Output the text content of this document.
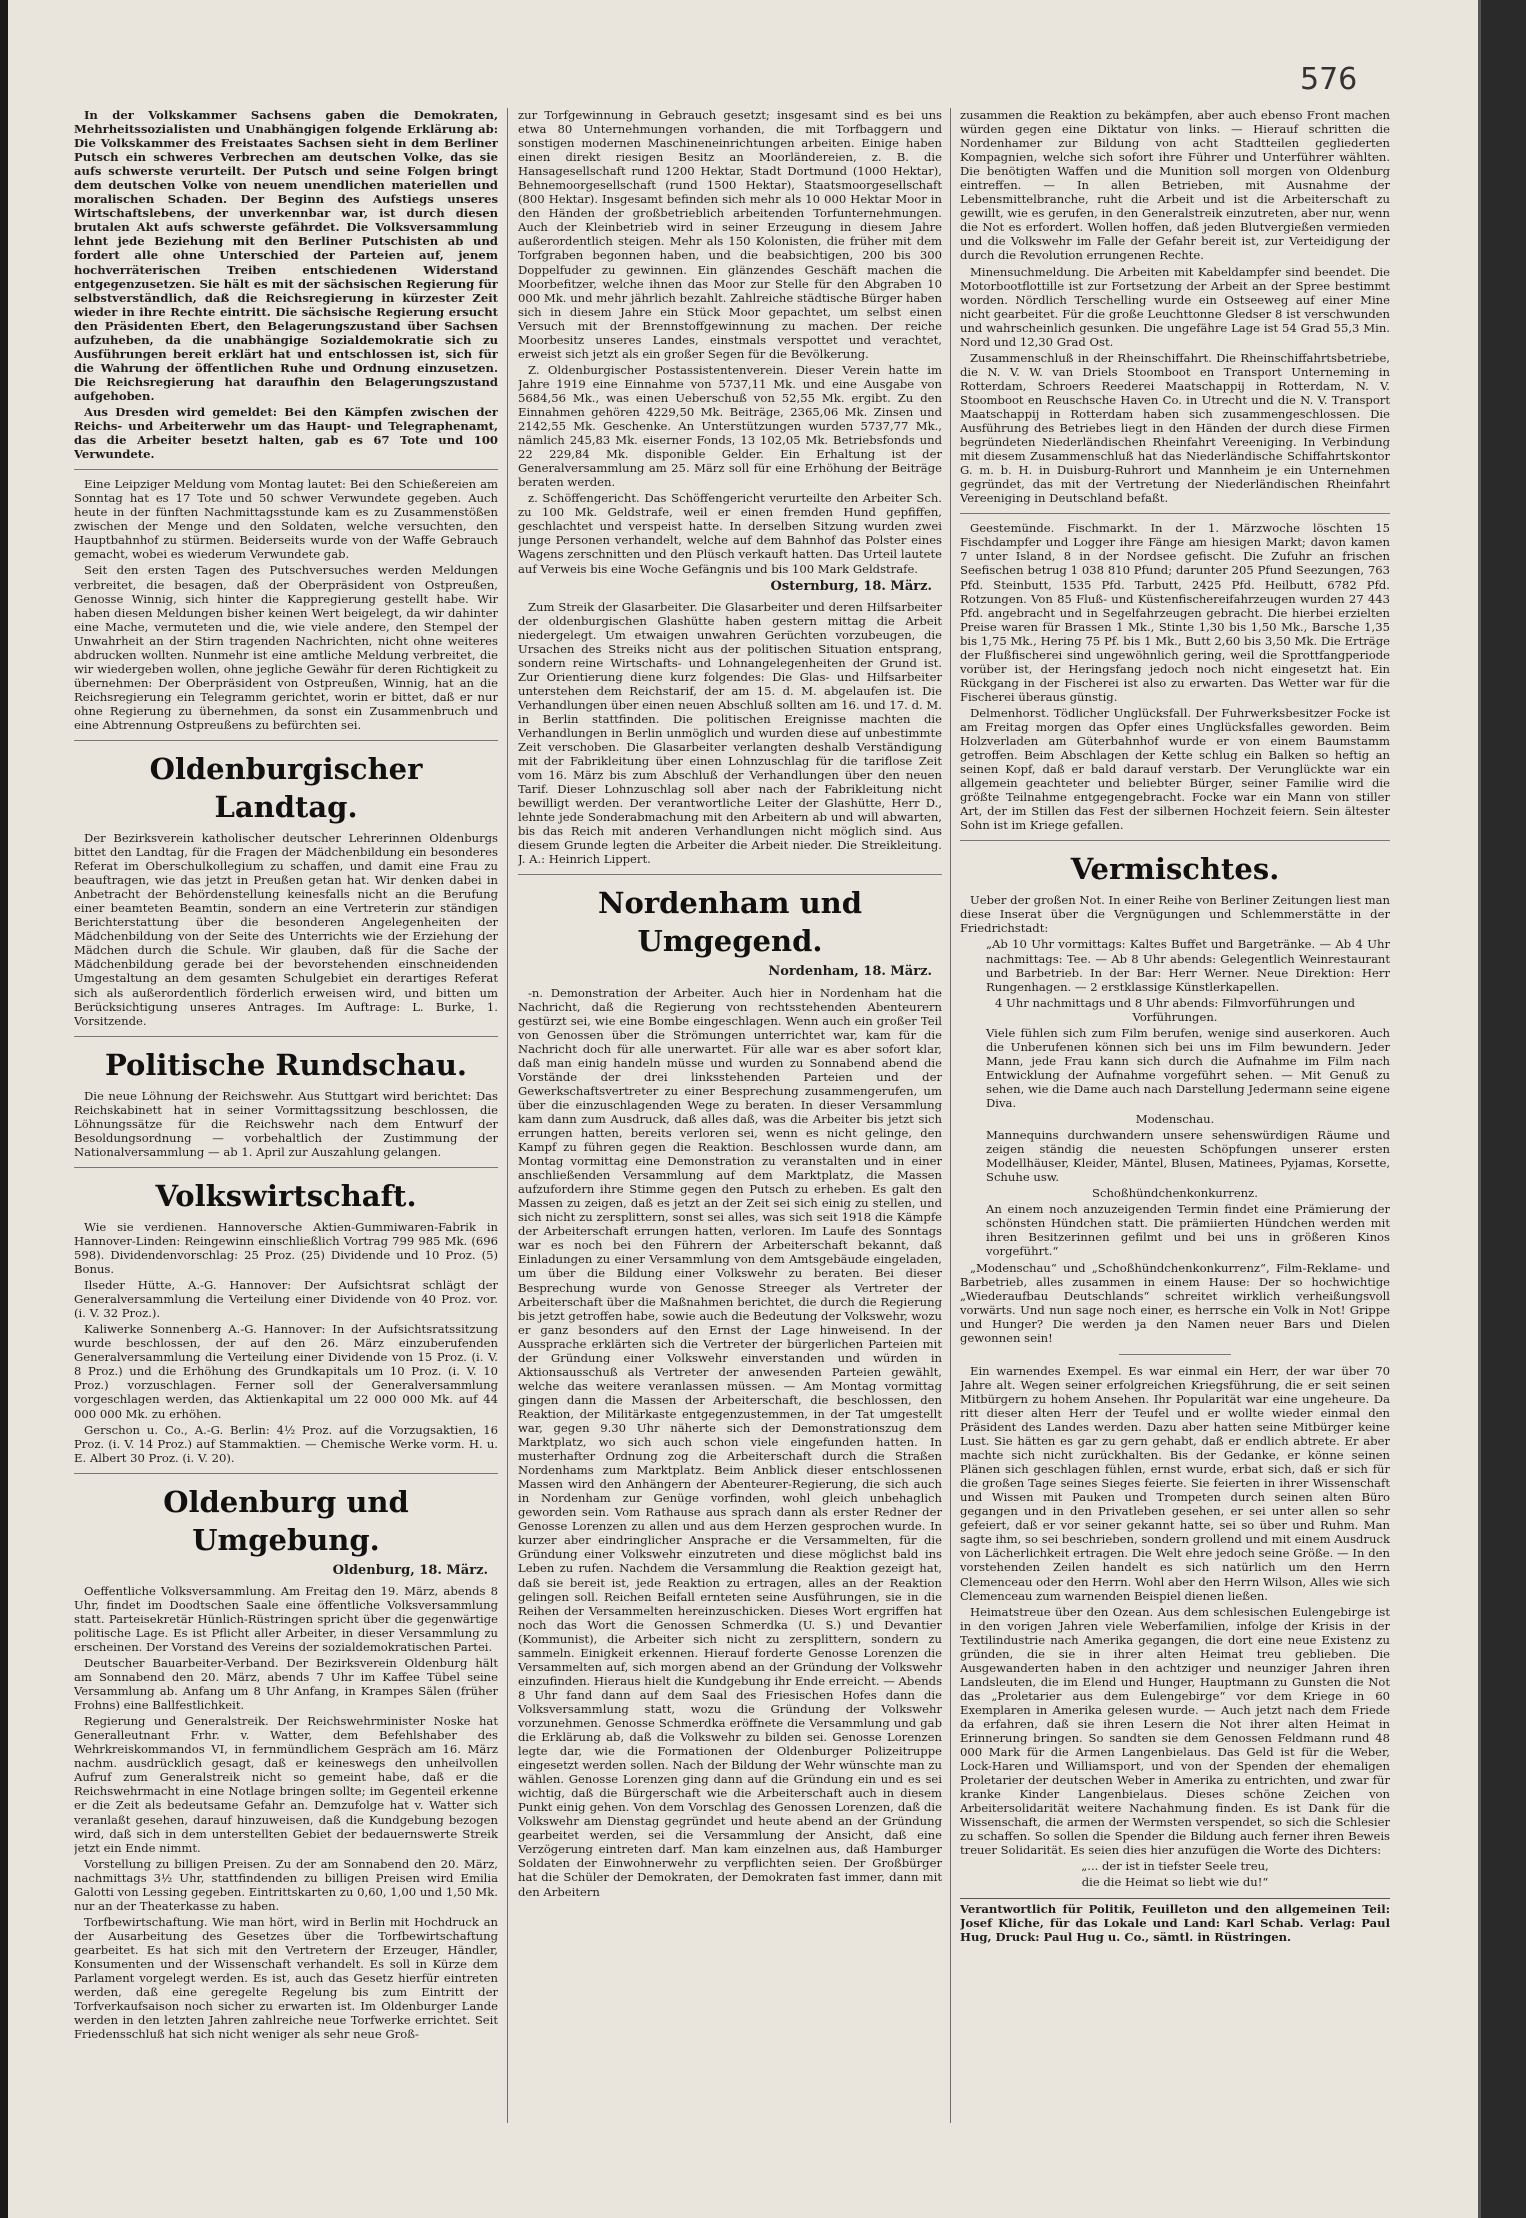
576

In der Volkskammer Sachsens gaben die Demokraten, Mehrheitssozialisten und Unabhängigen folgende Erklärung ab: Die Volkskammer des Freistaates Sachsen sieht in dem Berliner Putsch ein schweres Verbrechen am deutschen Volke, das sie aufs schwerste verurteilt. Der Putsch und seine Folgen bringt dem deutschen Volke von neuem unendlichen materiellen und moralischen Schaden. Der Beginn des Aufstiegs unseres Wirtschaftslebens, der unverkennbar war, ist durch diesen brutalen Akt aufs schwerste gefährdet. Die Volksversammlung lehnt jede Beziehung mit den Berliner Putschisten ab und fordert alle ohne Unterschied der Parteien auf, jenem hochverräterischen Treiben entschiedenen Widerstand entgegenzusetzen. Sie hält es mit der sächsischen Regierung für selbstverständlich, daß die Reichsregierung in kürzester Zeit wieder in ihre Rechte eintritt. Die sächsische Regierung ersucht den Präsidenten Ebert, den Belagerungszustand über Sachsen aufzuheben, da die unabhängige Sozialdemokratie sich zu Ausführungen bereit erklärt hat und entschlossen ist, sich für die Wahrung der öffentlichen Ruhe und Ordnung einzusetzen. Die Reichsregierung hat daraufhin den Belagerungszustand aufgehoben.

Aus Dresden wird gemeldet: Bei den Kämpfen zwischen der Reichs- und Arbeiterwehr um das Haupt- und Telegraphenamt, das die Arbeiter besetzt halten, gab es 67 Tote und 100 Verwundete.

Eine Leipziger Meldung vom Montag lautet: Bei den Schießereien am Sonntag hat es 17 Tote und 50 schwer Verwundete gegeben. Auch heute in der fünften Nachmittagsstunde kam es zu Zusammenstößen zwischen der Menge und den Soldaten, welche versuchten, den Hauptbahnhof zu stürmen. Beiderseits wurde von der Waffe Gebrauch gemacht, wobei es wiederum Verwundete gab.

Seit den ersten Tagen des Putschversuches werden Meldungen verbreitet, die besagen, daß der Oberpräsident von Ostpreußen, Genosse Winnig, sich hinter die Kappregierung gestellt habe. Wir haben diesen Meldungen bisher keinen Wert beigelegt, da wir dahinter eine Mache, vermuteten und die, wie viele andere, den Stempel der Unwahrheit an der Stirn tragenden Nachrichten, nicht ohne weiteres abdrucken wollten. Nunmehr ist eine amtliche Meldung verbreitet, die wir wiedergeben wollen, ohne jegliche Gewähr für deren Richtigkeit zu übernehmen: Der Oberpräsident von Ostpreußen, Winnig, hat an die Reichsregierung ein Telegramm gerichtet, worin er bittet, daß er nur ohne Regierung zu übernehmen, da sonst ein Zusammenbruch und eine Abtrennung Ostpreußens zu befürchten sei.

Oldenburgischer Landtag.

Der Bezirksverein katholischer deutscher Lehrerinnen Oldenburgs bittet den Landtag, für die Fragen der Mädchenbildung ein besonderes Referat im Oberschulkollegium zu schaffen, und damit eine Frau zu beauftragen, wie das jetzt in Preußen getan hat. Wir denken dabei in Anbetracht der Behördenstellung keinesfalls nicht an die Berufung einer beamteten Beamtin, sondern an eine Vertreterin zur ständigen Berichterstattung über die besonderen Angelegenheiten der Mädchenbildung von der Seite des Unterrichts wie der Erziehung der Mädchen durch die Schule. Wir glauben, daß für die Sache der Mädchenbildung gerade bei der bevorstehenden einschneidenden Umgestaltung an dem gesamten Schulgebiet ein derartiges Referat sich als außerordentlich förderlich erweisen wird, und bitten um Berücksichtigung unseres Antrages. Im Auftrage: L. Burke, 1. Vorsitzende.

Politische Rundschau.

Die neue Löhnung der Reichswehr. Aus Stuttgart wird berichtet: Das Reichskabinett hat in seiner Vormittagssitzung beschlossen, die Löhnungssätze für die Reichswehr nach dem Entwurf der Besoldungsordnung — vorbehaltlich der Zustimmung der Nationalversammlung — ab 1. April zur Auszahlung gelangen.

Volkswirtschaft.

Wie sie verdienen. Hannoversche Aktien-Gummiwaren-Fabrik in Hannover-Linden: Reingewinn einschließlich Vortrag 799 985 Mk. (696 598). Dividendenvorschlag: 25 Proz. (25) Dividende und 10 Proz. (5) Bonus.

Ilseder Hütte, A.-G. Hannover: Der Aufsichtsrat schlägt der Generalversammlung die Verteilung einer Dividende von 40 Proz. vor. (i. V. 32 Proz.).

Kaliwerke Sonnenberg A.-G. Hannover: In der Aufsichtsratssitzung wurde beschlossen, der auf den 26. März einzuberufenden Generalversammlung die Verteilung einer Dividende von 15 Proz. (i. V. 8 Proz.) und die Erhöhung des Grundkapitals um 10 Proz. (i. V. 10 Proz.) vorzuschlagen. Ferner soll der Generalversammlung vorgeschlagen werden, das Aktienkapital um 22 000 000 Mk. auf 44 000 000 Mk. zu erhöhen.

Gerschon u. Co., A.-G. Berlin: 4½ Proz. auf die Vorzugsaktien, 16 Proz. (i. V. 14 Proz.) auf Stammaktien. — Chemische Werke vorm. H. u. E. Albert 30 Proz. (i. V. 20).

Oldenburg und Umgebung.
Oldenburg, 18. März.

Oeffentliche Volksversammlung. Am Freitag den 19. März, abends 8 Uhr, findet im Doodtschen Saale eine öffentliche Volksversammlung statt. Parteisekretär Hünlich-Rüstringen spricht über die gegenwärtige politische Lage. Es ist Pflicht aller Arbeiter, in dieser Versammlung zu erscheinen. Der Vorstand des Vereins der sozialdemokratischen Partei.

Deutscher Bauarbeiter-Verband. Der Bezirksverein Oldenburg hält am Sonnabend den 20. März, abends 7 Uhr im Kaffee Tübel seine Versammlung ab. Anfang um 8 Uhr Anfang, in Krampes Sälen (früher Frohns) eine Ballfestlichkeit.

Regierung und Generalstreik. Der Reichswehrminister Noske hat Generalleutnant Frhr. v. Watter, dem Befehlshaber des Wehrkreiskommandos VI, in fernmündlichem Gespräch am 16. März nachm. ausdrücklich gesagt, daß er keineswegs den unheilvollen Aufruf zum Generalstreik nicht so gemeint habe, daß er die Reichswehrmacht in eine Notlage bringen sollte; im Gegenteil erkenne er die Zeit als bedeutsame Gefahr an. Demzufolge hat v. Watter sich veranlaßt gesehen, darauf hinzuweisen, daß die Kundgebung bezogen wird, daß sich in dem unterstellten Gebiet der bedauernswerte Streik jetzt ein Ende nimmt.

Vorstellung zu billigen Preisen. Zu der am Sonnabend den 20. März, nachmittags 3½ Uhr, stattfindenden zu billigen Preisen wird Emilia Galotti von Lessing gegeben. Eintrittskarten zu 0,60, 1,00 und 1,50 Mk. nur an der Theaterkasse zu haben.

Torfbewirtschaftung. Wie man hört, wird in Berlin mit Hochdruck an der Ausarbeitung des Gesetzes über die Torfbewirtschaftung gearbeitet. Es hat sich mit den Vertretern der Erzeuger, Händler, Konsumenten und der Wissenschaft verhandelt. Es soll in Kürze dem Parlament vorgelegt werden. Es ist, auch das Gesetz hierfür eintreten werden, daß eine geregelte Regelung bis zum Eintritt der Torfverkaufsaison noch sicher zu erwarten ist. Im Oldenburger Lande werden in den letzten Jahren zahlreiche neue Torfwerke errichtet. Seit Friedensschluß hat sich nicht weniger als sehr neue Groß-

zur Torfgewinnung in Gebrauch gesetzt; insgesamt sind es bei uns etwa 80 Unternehmungen vorhanden, die mit Torfbaggern und sonstigen modernen Maschineneinrichtungen arbeiten. Einige haben einen direkt riesigen Besitz an Moorländereien, z. B. die Hansagesellschaft rund 1200 Hektar, Stadt Dortmund (1000 Hektar), Behnemoorgesellschaft (rund 1500 Hektar), Staatsmoorgesellschaft (800 Hektar). Insgesamt befinden sich mehr als 10 000 Hektar Moor in den Händen der großbetrieblich arbeitenden Torfunternehmungen. Auch der Kleinbetrieb wird in seiner Erzeugung in diesem Jahre außerordentlich steigen. Mehr als 150 Kolonisten, die früher mit dem Torfgraben begonnen haben, und die beabsichtigen, 200 bis 300 Doppelfuder zu gewinnen. Ein glänzendes Geschäft machen die Moorbefitzer, welche ihnen das Moor zur Stelle für den Abgraben 10 000 Mk. und mehr jährlich bezahlt. Zahlreiche städtische Bürger haben sich in diesem Jahre ein Stück Moor gepachtet, um selbst einen Versuch mit der Brennstoffgewinnung zu machen. Der reiche Moorbesitz unseres Landes, einstmals verspottet und verachtet, erweist sich jetzt als ein großer Segen für die Bevölkerung.

Z. Oldenburgischer Postassistentenverein. Dieser Verein hatte im Jahre 1919 eine Einnahme von 5737,11 Mk. und eine Ausgabe von 5684,56 Mk., was einen Ueberschuß von 52,55 Mk. ergibt. Zu den Einnahmen gehören 4229,50 Mk. Beiträge, 2365,06 Mk. Zinsen und 2142,55 Mk. Geschenke. An Unterstützungen wurden 5737,77 Mk., nämlich 245,83 Mk. eiserner Fonds, 13 102,05 Mk. Betriebsfonds und 22 229,84 Mk. disponible Gelder. Ein Erhaltung ist der Generalversammlung am 25. März soll für eine Erhöhung der Beiträge beraten werden.

z. Schöffengericht. Das Schöffengericht verurteilte den Arbeiter Sch. zu 100 Mk. Geldstrafe, weil er einen fremden Hund gepfiffen, geschlachtet und verspeist hatte. In derselben Sitzung wurden zwei junge Personen verhandelt, welche auf dem Bahnhof das Polster eines Wagens zerschnitten und den Plüsch verkauft hatten. Das Urteil lautete auf Verweis bis eine Woche Gefängnis und bis 100 Mark Geldstrafe.

Osternburg, 18. März.

Zum Streik der Glasarbeiter. Die Glasarbeiter und deren Hilfsarbeiter der oldenburgischen Glashütte haben gestern mittag die Arbeit niedergelegt. Um etwaigen unwahren Gerüchten vorzubeugen, die Ursachen des Streiks nicht aus der politischen Situation entsprang, sondern reine Wirtschafts- und Lohnangelegenheiten der Grund ist. Zur Orientierung diene kurz folgendes: Die Glas- und Hilfsarbeiter unterstehen dem Reichstarif, der am 15. d. M. abgelaufen ist. Die Verhandlungen über einen neuen Abschluß sollten am 16. und 17. d. M. in Berlin stattfinden. Die politischen Ereignisse machten die Verhandlungen in Berlin unmöglich und wurden diese auf unbestimmte Zeit verschoben. Die Glasarbeiter verlangten deshalb Verständigung mit der Fabrikleitung über einen Lohnzuschlag für die tariflose Zeit vom 16. März bis zum Abschluß der Verhandlungen über den neuen Tarif. Dieser Lohnzuschlag soll aber nach der Fabrikleitung nicht bewilligt werden. Der verantwortliche Leiter der Glashütte, Herr D., lehnte jede Sonderabmachung mit den Arbeitern ab und will abwarten, bis das Reich mit anderen Verhandlungen nicht möglich sind. Aus diesem Grunde legten die Arbeiter die Arbeit nieder. Die Streikleitung. J. A.: Heinrich Lippert.

Nordenham und Umgegend.
Nordenham, 18. März.

-n. Demonstration der Arbeiter. Auch hier in Nordenham hat die Nachricht, daß die Regierung von rechtsstehenden Abenteurern gestürzt sei, wie eine Bombe eingeschlagen. Wenn auch ein großer Teil von Genossen über die Strömungen unterrichtet war, kam für die Nachricht doch für alle unerwartet. Für alle war es aber sofort klar, daß man einig handeln müsse und wurden zu Sonnabend abend die Vorstände der drei linksstehenden Parteien und der Gewerkschaftsvertreter zu einer Besprechung zusammengerufen, um über die einzuschlagenden Wege zu beraten. In dieser Versammlung kam dann zum Ausdruck, daß alles daß, was die Arbeiter bis jetzt sich errungen hatten, bereits verloren sei, wenn es nicht gelinge, den Kampf zu führen gegen die Reaktion. Beschlossen wurde dann, am Montag vormittag eine Demonstration zu veranstalten und in einer anschließenden Versammlung auf dem Marktplatz, die Massen aufzufordern ihre Stimme gegen den Putsch zu erheben. Es galt den Massen zu zeigen, daß es jetzt an der Zeit sei sich einig zu stellen, und sich nicht zu zersplittern, sonst sei alles, was sich seit 1918 die Kämpfe der Arbeiterschaft errungen hatten, verloren. Im Laufe des Sonntags war es noch bei den Führern der Arbeiterschaft bekannt, daß Einladungen zu einer Versammlung von dem Amtsgebäude eingeladen, um über die Bildung einer Volkswehr zu beraten. Bei dieser Besprechung wurde von Genosse Streeger als Vertreter der Arbeiterschaft über die Maßnahmen berichtet, die durch die Regierung bis jetzt getroffen habe, sowie auch die Bedeutung der Volkswehr, wozu er ganz besonders auf den Ernst der Lage hinweisend. In der Aussprache erklärten sich die Vertreter der bürgerlichen Parteien mit der Gründung einer Volkswehr einverstanden und würden in Aktionsausschuß als Vertreter der anwesenden Parteien gewählt, welche das weitere veranlassen müssen. — Am Montag vormittag gingen dann die Massen der Arbeiterschaft, die beschlossen, den Reaktion, der Militärkaste entgegenzustemmen, in der Tat umgestellt war, gegen 9.30 Uhr näherte sich der Demonstrationszug dem Marktplatz, wo sich auch schon viele eingefunden hatten. In musterhafter Ordnung zog die Arbeiterschaft durch die Straßen Nordenhams zum Marktplatz. Beim Anblick dieser entschlossenen Massen wird den Anhängern der Abenteurer-Regierung, die sich auch in Nordenham zur Genüge vorfinden, wohl gleich unbehaglich geworden sein. Vom Rathause aus sprach dann als erster Redner der Genosse Lorenzen zu allen und aus dem Herzen gesprochen wurde. In kurzer aber eindringlicher Ansprache er die Versammelten, für die Gründung einer Volkswehr einzutreten und diese möglichst bald ins Leben zu rufen. Nachdem die Versammlung die Reaktion gezeigt hat, daß sie bereit ist, jede Reaktion zu ertragen, alles an der Reaktion gelingen soll. Reichen Beifall ernteten seine Ausführungen, sie in die Reihen der Versammelten hereinzuschicken. Dieses Wort ergriffen hat noch das Wort die Genossen Schmerdka (U. S.) und Devantier (Kommunist), die Arbeiter sich nicht zu zersplittern, sondern zu sammeln. Einigkeit erkennen. Hierauf forderte Genosse Lorenzen die Versammelten auf, sich morgen abend an der Gründung der Volkswehr einzufinden. Hieraus hielt die Kundgebung ihr Ende erreicht. — Abends 8 Uhr fand dann auf dem Saal des Friesischen Hofes dann die Volksversammlung statt, wozu die Gründung der Volkswehr vorzunehmen. Genosse Schmerdka eröffnete die Versammlung und gab die Erklärung ab, daß die Volkswehr zu bilden sei. Genosse Lorenzen legte dar, wie die Formationen der Oldenburger Polizeitruppe eingesetzt werden sollen. Nach der Bildung der Wehr wünschte man zu wählen. Genosse Lorenzen ging dann auf die Gründung ein und es sei wichtig, daß die Bürgerschaft wie die Arbeiterschaft auch in diesem Punkt einig gehen. Von dem Vorschlag des Genossen Lorenzen, daß die Volkswehr am Dienstag gegründet und heute abend an der Gründung gearbeitet werden, sei die Versammlung der Ansicht, daß eine Verzögerung eintreten darf. Man kam einzelnen aus, daß Hamburger Soldaten der Einwohnerwehr zu verpflichten seien. Der Großbürger hat die Schüler der Demokraten, der Demokraten fast immer, dann mit den Arbeitern

zusammen die Reaktion zu bekämpfen, aber auch ebenso Front machen würden gegen eine Diktatur von links. — Hierauf schritten die Nordenhamer zur Bildung von acht Stadtteilen gegliederten Kompagnien, welche sich sofort ihre Führer und Unterführer wählten. Die benötigten Waffen und die Munition soll morgen von Oldenburg eintreffen. — In allen Betrieben, mit Ausnahme der Lebensmittelbranche, ruht die Arbeit und ist die Arbeiterschaft zu gewillt, wie es gerufen, in den Generalstreik einzutreten, aber nur, wenn die Not es erfordert. Wollen hoffen, daß jeden Blutvergießen vermieden und die Volkswehr im Falle der Gefahr bereit ist, zur Verteidigung der durch die Revolution errungenen Rechte.

Minensuchmeldung. Die Arbeiten mit Kabeldampfer sind beendet. Die Motorbootflottille ist zur Fortsetzung der Arbeit an der Spree bestimmt worden. Nördlich Terschelling wurde ein Ostseeweg auf einer Mine nicht gearbeitet. Für die große Leuchttonne Gledser 8 ist verschwunden und wahrscheinlich gesunken. Die ungefähre Lage ist 54 Grad 55,3 Min. Nord und 12,30 Grad Ost.

Zusammenschluß in der Rheinschiffahrt. Die Rheinschiffahrtsbetriebe, die N. V. W. van Driels Stoomboot en Transport Unterneming in Rotterdam, Schroers Reederei Maatschappij in Rotterdam, N. V. Stoomboot en Reuschsche Haven Co. in Utrecht und die N. V. Transport Maatschappij in Rotterdam haben sich zusammengeschlossen. Die Ausführung des Betriebes liegt in den Händen der durch diese Firmen begründeten Niederländischen Rheinfahrt Vereeniging. In Verbindung mit diesem Zusammenschluß hat das Niederländische Schiffahrtskontor G. m. b. H. in Duisburg-Ruhrort und Mannheim je ein Unternehmen gegründet, das mit der Vertretung der Niederländischen Rheinfahrt Vereeniging in Deutschland befaßt.

Geestemünde. Fischmarkt. In der 1. Märzwoche löschten 15 Fischdampfer und Logger ihre Fänge am hiesigen Markt; davon kamen 7 unter Island, 8 in der Nordsee gefischt. Die Zufuhr an frischen Seefischen betrug 1 038 810 Pfund; darunter 205 Pfund Seezungen, 763 Pfd. Steinbutt, 1535 Pfd. Tarbutt, 2425 Pfd. Heilbutt, 6782 Pfd. Rotzungen. Von 85 Fluß- und Küstenfischereifahrzeugen wurden 27 443 Pfd. angebracht und in Segelfahrzeugen gebracht. Die hierbei erzielten Preise waren für Brassen 1 Mk., Stinte 1,30 bis 1,50 Mk., Barsche 1,35 bis 1,75 Mk., Hering 75 Pf. bis 1 Mk., Butt 2,60 bis 3,50 Mk. Die Erträge der Flußfischerei sind ungewöhnlich gering, weil die Sprottfangperiode vorüber ist, der Heringsfang jedoch noch nicht eingesetzt hat. Ein Rückgang in der Fischerei ist also zu erwarten. Das Wetter war für die Fischerei überaus günstig.

Delmenhorst. Tödlicher Unglücksfall. Der Fuhrwerksbesitzer Focke ist am Freitag morgen das Opfer eines Unglücksfalles geworden. Beim Holzverladen am Güterbahnhof wurde er von einem Baumstamm getroffen. Beim Abschlagen der Kette schlug ein Balken so heftig an seinen Kopf, daß er bald darauf verstarb. Der Verunglückte war ein allgemein geachteter und beliebter Bürger, seiner Familie wird die größte Teilnahme entgegengebracht. Focke war ein Mann von stiller Art, der im Stillen das Fest der silbernen Hochzeit feiern. Sein ältester Sohn ist im Kriege gefallen.

Vermischtes.

Ueber der großen Not. In einer Reihe von Berliner Zeitungen liest man diese Inserat über die Vergnügungen und Schlemmerstätte in der Friedrichstadt:

„Ab 10 Uhr vormittags: Kaltes Buffet und Bargetränke. — Ab 4 Uhr nachmittags: Tee. — Ab 8 Uhr abends: Gelegentlich Weinrestaurant und Barbetrieb. In der Bar: Herr Werner. Neue Direktion: Herr Rungenhagen. — 2 erstklassige Künstlerkapellen.

4 Uhr nachmittags und 8 Uhr abends: Filmvorführungen und Vorführungen.

Viele fühlen sich zum Film berufen, wenige sind auserkoren. Auch die Unberufenen können sich bei uns im Film bewundern. Jeder Mann, jede Frau kann sich durch die Aufnahme im Film nach Entwicklung der Aufnahme vorgeführt sehen. — Mit Genuß zu sehen, wie die Dame auch nach Darstellung Jedermann seine eigene Diva.

Modenschau.

Mannequins durchwandern unsere sehenswürdigen Räume und zeigen ständig die neuesten Schöpfungen unserer ersten Modellhäuser, Kleider, Mäntel, Blusen, Matinees, Pyjamas, Korsette, Schuhe usw.

Schoßhündchenkonkurrenz.

An einem noch anzuzeigenden Termin findet eine Prämierung der schönsten Hündchen statt. Die prämiierten Hündchen werden mit ihren Besitzerinnen gefilmt und bei uns in größeren Kinos vorgeführt.“

„Modenschau“ und „Schoßhündchenkonkurrenz“, Film-Reklame- und Barbetrieb, alles zusammen in einem Hause: Der so hochwichtige „Wiederaufbau Deutschlands“ schreitet wirklich verheißungsvoll vorwärts. Und nun sage noch einer, es herrsche ein Volk in Not! Grippe und Hunger? Die werden ja den Namen neuer Bars und Dielen gewonnen sein!

Ein warnendes Exempel. Es war einmal ein Herr, der war über 70 Jahre alt. Wegen seiner erfolgreichen Kriegsführung, die er seit seinen Mitbürgern zu hohem Ansehen. Ihr Popularität war eine ungeheure. Da ritt dieser alten Herr der Teufel und er wollte wieder einmal den Präsident des Landes werden. Dazu aber hatten seine Mitbürger keine Lust. Sie hätten es gar zu gern gehabt, daß er endlich abtrete. Er aber machte sich nicht zurückhalten. Bis der Gedanke, er könne seinen Plänen sich geschlagen fühlen, ernst wurde, erbat sich, daß er sich für die großen Tage seines Sieges feierte. Sie feierten in ihrer Wissenschaft und Wissen mit Pauken und Trompeten durch seinen alten Büro gegangen und in den Privatleben gesehen, er sei unter allen so sehr gefeiert, daß er vor seiner gekannt hatte, sei so über und Ruhm. Man sagte ihm, so sei beschrieben, sondern grollend und mit einem Ausdruck von Lächerlichkeit ertragen. Die Welt ehre jedoch seine Größe. — In den vorstehenden Zeilen handelt es sich natürlich um den Herrn Clemenceau oder den Herrn. Wohl aber den Herrn Wilson, Alles wie sich Clemenceau zum warnenden Beispiel dienen ließen.

Heimatstreue über den Ozean. Aus dem schlesischen Eulengebirge ist in den vorigen Jahren viele Weberfamilien, infolge der Krisis in der Textilindustrie nach Amerika gegangen, die dort eine neue Existenz zu gründen, die sie in ihrer alten Heimat treu geblieben. Die Ausgewanderten haben in den achtziger und neunziger Jahren ihren Landsleuten, die im Elend und Hunger, Hauptmann zu Gunsten die Not das „Proletarier aus dem Eulengebirge“ vor dem Kriege in 60 Exemplaren in Amerika gelesen wurde. — Auch jetzt nach dem Friede da erfahren, daß sie ihren Lesern die Not ihrer alten Heimat in Erinnerung bringen. So sandten sie dem Genossen Feldmann rund 48 000 Mark für die Armen Langenbielaus. Das Geld ist für die Weber, Lock-Haren und Williamsport, und von der Spenden der ehemaligen Proletarier der deutschen Weber in Amerika zu entrichten, und zwar für kranke Kinder Langenbielaus. Dieses schöne Zeichen von Arbeitersolidarität weitere Nachahmung finden. Es ist Dank für die Wissenschaft, die armen der Wermsten verspendet, so sich die Schlesier zu schaffen. So sollen die Spender die Bildung auch ferner ihren Beweis treuer Solidarität. Es seien dies hier anzufügen die Worte des Dichters:

„... der ist in tiefster Seele treu,

die die Heimat so liebt wie du!“

Verantwortlich für Politik, Feuilleton und den allgemeinen Teil: Josef Kliche, für das Lokale und Land: Karl Schab. Verlag: Paul Hug, Druck: Paul Hug u. Co., sämtl. in Rüstringen.
